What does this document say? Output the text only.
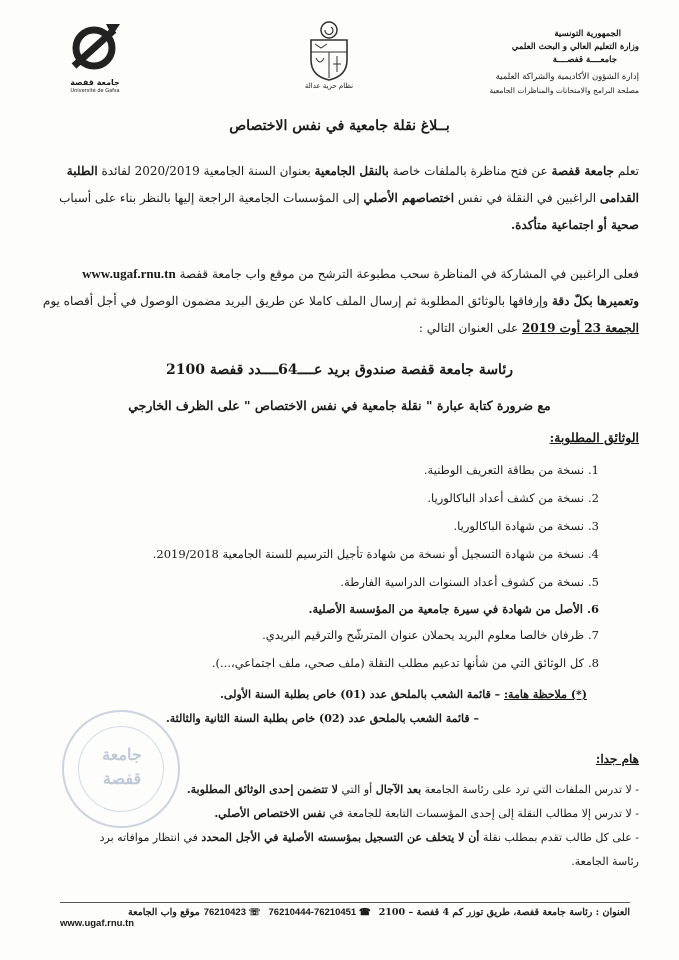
جامعة قفصة
Université de Gafsa
نظام حرية عدالة
الجمهورية التونسية
وزارة التعليم العالي و البحث العلمي
جامعــــة قفصــــة
إدارة الشؤون الأكاديمية والشراكة العلمية
مصلحة البرامج والامتحانات والمناظرات الجامعية
بــلاغ نقلة جامعية في نفس الاختصاص
تعلم جامعة قفصة عن فتح مناظرة بالملفات خاصة بالنقل الجامعية بعنوان السنة الجامعية 2020/2019 لفائدة الطلبة
القدامى الراغبين في النقلة في نفس اختصاصهم الأصلي إلى المؤسسات الجامعية الراجعة إليها بالنظر بناء على أسباب
صحية أو اجتماعية متأكدة.
فعلى الراغبين في المشاركة في المناظرة سحب مطبوعة الترشح من موقع واب جامعة قفصة www.ugaf.rnu.tn
وتعميرها بكلّ دقة وإرفاقها بالوثائق المطلوبة ثم إرسال الملف كاملا عن طريق البريد مضمون الوصول في أجل أقصاه يوم
الجمعة 23 أوت 2019 على العنوان التالي :
رئاسة جامعة قفصة صندوق بريد عــــ64ــــدد قفصة 2100
مع ضرورة كتابة عبارة " نقلة جامعية في نفس الاختصاص " على الظرف الخارجي
الوثائق المطلوبة:
1.نسخة من بطاقة التعريف الوطنية.
2.نسخة من كشف أعداد الباكالوريا.
3.نسخة من شهادة الباكالوريا.
4.نسخة من شهادة التسجيل أو نسخة من شهادة تأجيل الترسيم للسنة الجامعية 2019/2018.
5.نسخة من كشوف أعداد السنوات الدراسية الفارطة.
6.الأصل من شهادة في سيرة جامعية من المؤسسة الأصلية.
7.ظرفان خالصا معلوم البريد يحملان عنوان المترشّح والترقيم البريدي.
8.كل الوثائق التي من شأنها تدعيم مطلب النقلة (ملف صحي، ملف اجتماعي،...).
(*) ملاحظة هامة: – قائمة الشعب بالملحق عدد (01) خاص بطلبة السنة الأولى.
– قائمة الشعب بالملحق عدد (02) خاص بطلبة السنة الثانية والثالثة.
جامعة
قفصة
هام جدا:
- لا تدرس الملفات التي ترد على رئاسة الجامعة بعد الآجال أو التي لا تتضمن إحدى الوثائق المطلوبة.
- لا تدرس إلا مطالب النقلة إلى إحدى المؤسسات التابعة للجامعة في نفس الاختصاص الأصلي.
- على كل طالب تقدم بمطلب نقلة أن لا يتخلف عن التسجيل بمؤسسته الأصلية في الأجل المحدد في انتظار موافاته برد
رئاسة الجامعة.
العنوان : رئاسة جامعة قفصة، طريق توزر كم 4 قفصة – 2100
76210444-76210451 ☎
76210423 ☏
موقع واب الجامعة
www.ugaf.rnu.tn
